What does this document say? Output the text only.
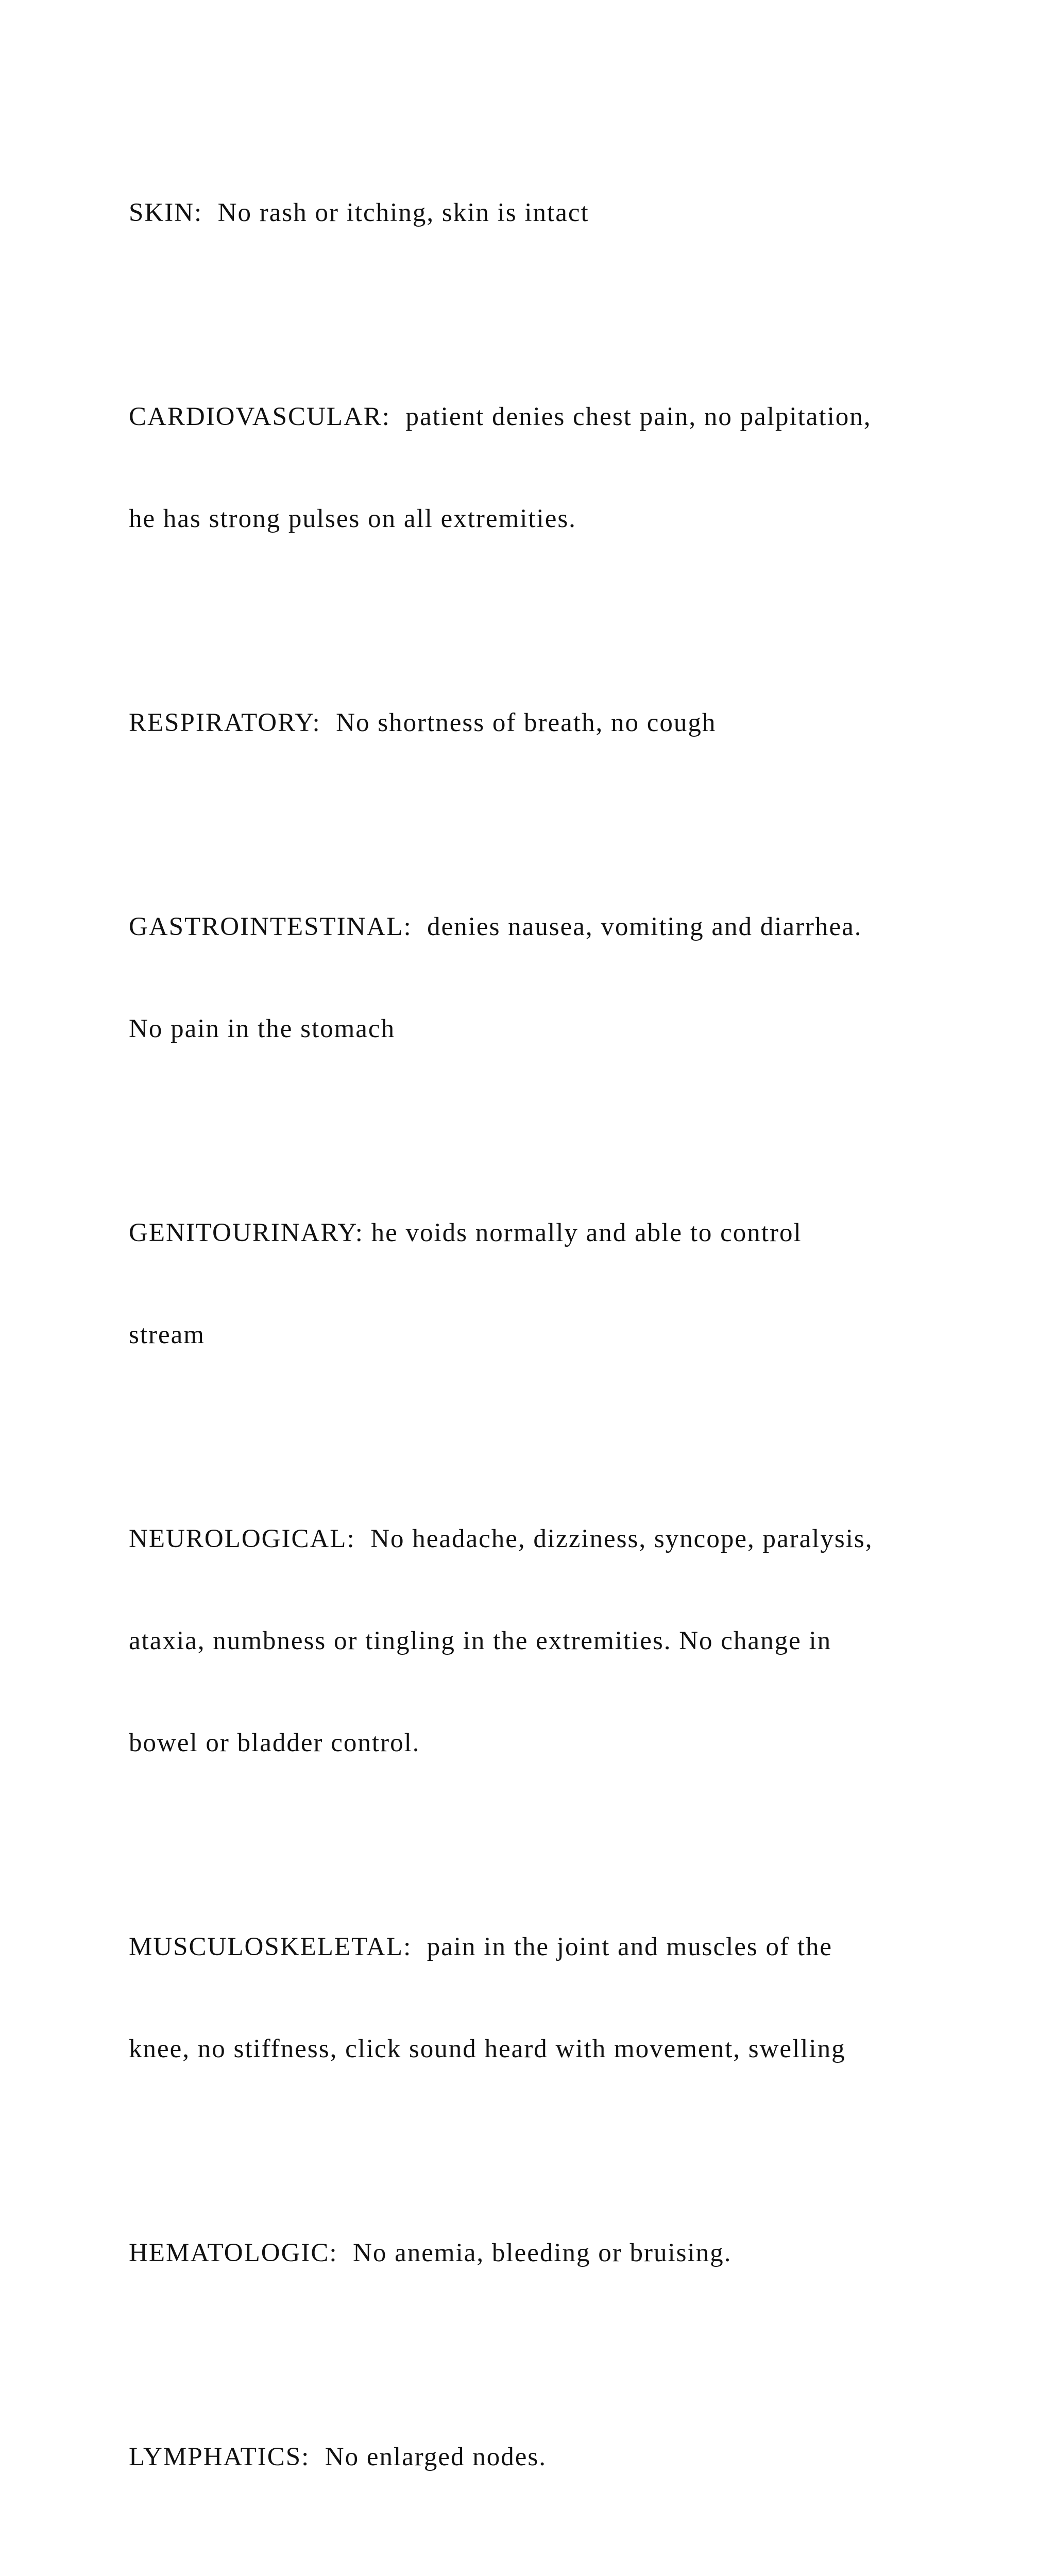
SKIN:  No rash or itching, skin is intact

CARDIOVASCULAR:  patient denies chest pain, no palpitation,

he has strong pulses on all extremities.

RESPIRATORY:  No shortness of breath, no cough

GASTROINTESTINAL:  denies nausea, vomiting and diarrhea.

No pain in the stomach

GENITOURINARY: he voids normally and able to control

stream

NEUROLOGICAL:  No headache, dizziness, syncope, paralysis,

ataxia, numbness or tingling in the extremities. No change in

bowel or bladder control.

MUSCULOSKELETAL:  pain in the joint and muscles of the

knee, no stiffness, click sound heard with movement, swelling

HEMATOLOGIC:  No anemia, bleeding or bruising.

LYMPHATICS:  No enlarged nodes.
